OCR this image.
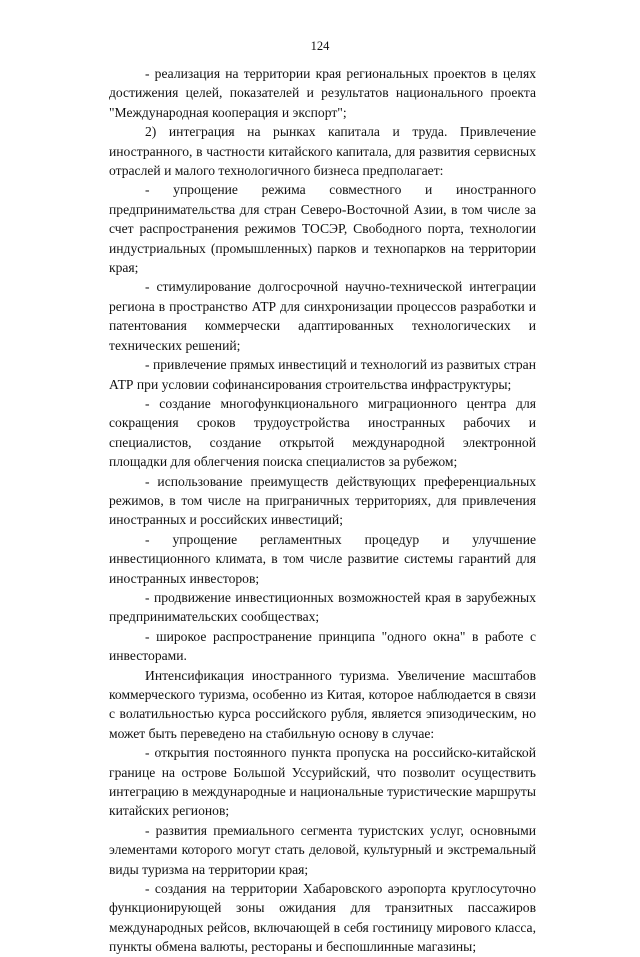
124

- реализация на территории края региональных проектов в целях достижения целей, показателей и результатов национального проекта "Международная кооперация и экспорт";

2) интеграция на рынках капитала и труда. Привлечение иностранного, в частности китайского капитала, для развития сервисных отраслей и малого технологичного бизнеса предполагает:

- упрощение режима совместного и иностранного предпринимательства для стран Северо-Восточной Азии, в том числе за счет распространения режимов ТОСЭР, Свободного порта, технологии индустриальных (промышленных) парков и технопарков на территории края;

- стимулирование долгосрочной научно-технической интеграции региона в пространство АТР для синхронизации процессов разработки и патентования коммерчески адаптированных технологических и технических решений;

- привлечение прямых инвестиций и технологий из развитых стран АТР при условии софинансирования строительства инфраструктуры;

- создание многофункционального миграционного центра для сокращения сроков трудоустройства иностранных рабочих и специалистов, создание открытой международной электронной площадки для облегчения поиска специалистов за рубежом;

- использование преимуществ действующих преференциальных режимов, в том числе на приграничных территориях, для привлечения иностранных и российских инвестиций;

- упрощение регламентных процедур и улучшение инвестиционного климата, в том числе развитие системы гарантий для иностранных инвесторов;

- продвижение инвестиционных возможностей края в зарубежных предпринимательских сообществах;

- широкое распространение принципа "одного окна" в работе с инвесторами.

Интенсификация иностранного туризма. Увеличение масштабов коммерческого туризма, особенно из Китая, которое наблюдается в связи с волатильностью курса российского рубля, является эпизодическим, но может быть переведено на стабильную основу в случае:

- открытия постоянного пункта пропуска на российско-китайской границе на острове Большой Уссурийский, что позволит осуществить интеграцию в международные и национальные туристические маршруты китайских регионов;

- развития премиального сегмента туристских услуг, основными элементами которого могут стать деловой, культурный и экстремальный виды туризма на территории края;

- создания на территории Хабаровского аэропорта круглосуточно функционирующей зоны ожидания для транзитных пассажиров международных рейсов, включающей в себя гостиницу мирового класса, пункты обмена валюты, рестораны и беспошлинные магазины;
